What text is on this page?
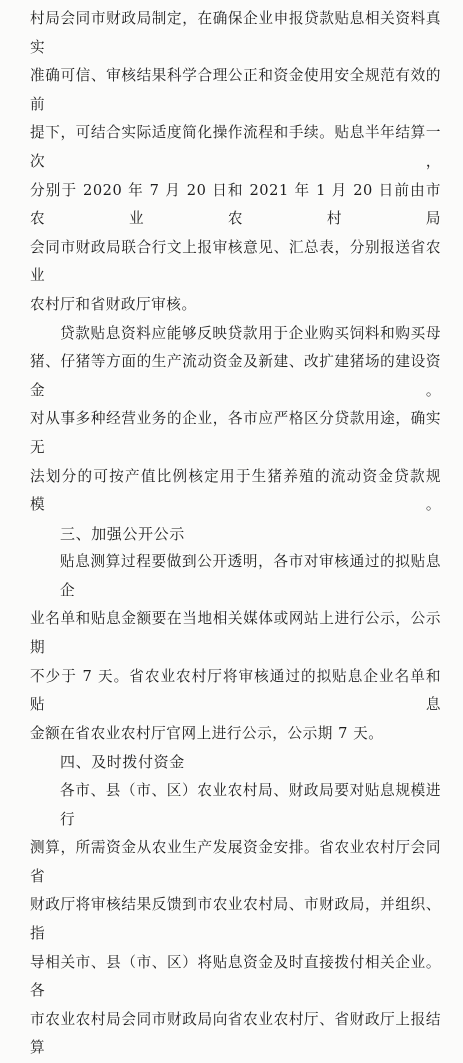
村局会同市财政局制定，在确保企业申报贷款贴息相关资料真实

准确可信、审核结果科学合理公正和资金使用安全规范有效的前

提下，可结合实际适度简化操作流程和手续。贴息半年结算一次，

分别于 2020 年 7 月 20 日和 2021 年 1 月 20 日前由市农业农村局

会同市财政局联合行文上报审核意见、汇总表，分别报送省农业

农村厅和省财政厅审核。

贷款贴息资料应能够反映贷款用于企业购买饲料和购买母

猪、仔猪等方面的生产流动资金及新建、改扩建猪场的建设资金。

对从事多种经营业务的企业，各市应严格区分贷款用途，确实无

法划分的可按产值比例核定用于生猪养殖的流动资金贷款规模。

三、加强公开公示

贴息测算过程要做到公开透明，各市对审核通过的拟贴息企

业名单和贴息金额要在当地相关媒体或网站上进行公示，公示期

不少于 7 天。省农业农村厅将审核通过的拟贴息企业名单和贴息

金额在省农业农村厅官网上进行公示，公示期 7 天。

四、及时拨付资金

各市、县（市、区）农业农村局、财政局要对贴息规模进行

测算，所需资金从农业生产发展资金安排。省农业农村厅会同省

财政厅将审核结果反馈到市农业农村局、市财政局，并组织、指

导相关市、县（市、区）将贴息资金及时直接拨付相关企业。各

市农业农村局会同市财政局向省农业农村厅、省财政厅上报结算
